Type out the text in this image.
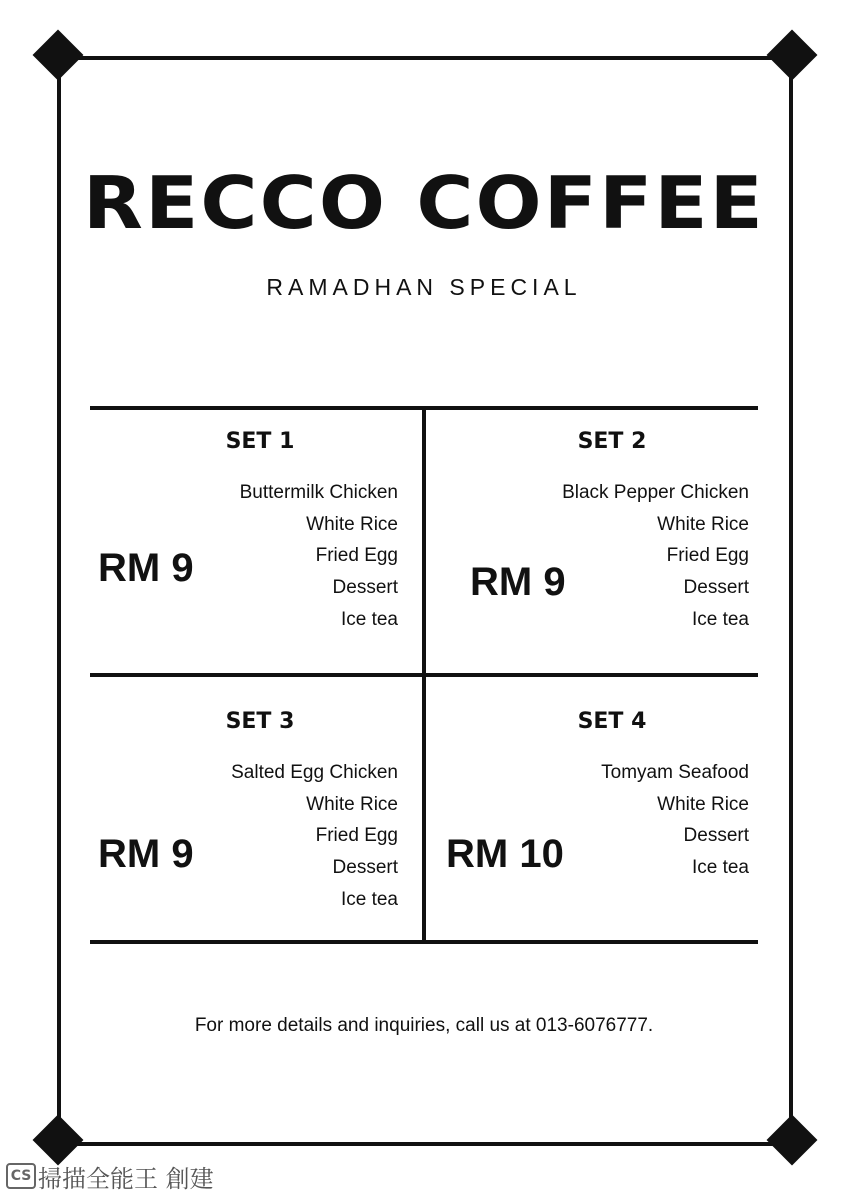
RECCO COFFEE
RAMADHAN SPECIAL
SET 1
RM 9
Buttermilk Chicken
White Rice
Fried Egg
Dessert
Ice tea
SET 2
RM 9
Black Pepper Chicken
White Rice
Fried Egg
Dessert
Ice tea
SET 3
RM 9
Salted Egg Chicken
White Rice
Fried Egg
Dessert
Ice tea
SET 4
RM 10
Tomyam Seafood
White Rice
Dessert
Ice tea
For more details and inquiries, call us at 013-6076777.
CS 掃描全能王 創建
